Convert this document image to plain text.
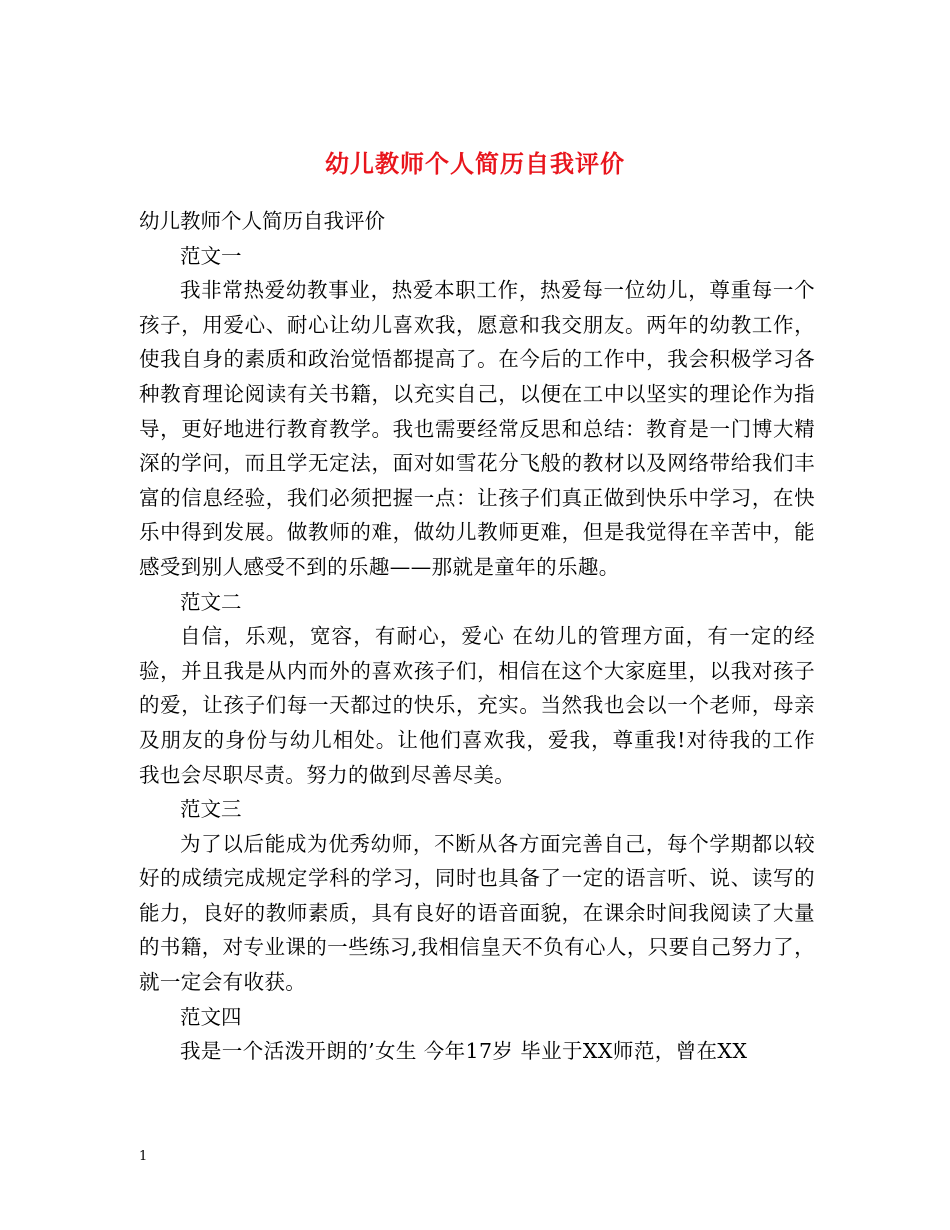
幼儿教师个人简历自我评价

幼儿教师个人简历自我评价

范文一

我非常热爱幼教事业，热爱本职工作，热爱每一位幼儿，尊重每一个孩子，用爱心、耐心让幼儿喜欢我，愿意和我交朋友。两年的幼教工作，使我自身的素质和政治觉悟都提高了。在今后的工作中，我会积极学习各种教育理论阅读有关书籍，以充实自己，以便在工中以坚实的理论作为指导，更好地进行教育教学。我也需要经常反思和总结：教育是一门博大精深的学问，而且学无定法，面对如雪花分飞般的教材以及网络带给我们丰富的信息经验，我们必须把握一点：让孩子们真正做到快乐中学习，在快乐中得到发展。做教师的难，做幼儿教师更难，但是我觉得在辛苦中，能感受到别人感受不到的乐趣——那就是童年的乐趣。

范文二

自信，乐观，宽容，有耐心，爱心 在幼儿的管理方面，有一定的经验，并且我是从内而外的喜欢孩子们，相信在这个大家庭里，以我对孩子的爱，让孩子们每一天都过的快乐，充实。当然我也会以一个老师，母亲及朋友的身份与幼儿相处。让他们喜欢我，爱我，尊重我!对待我的工作我也会尽职尽责。努力的做到尽善尽美。

范文三

为了以后能成为优秀幼师，不断从各方面完善自己，每个学期都以较好的成绩完成规定学科的学习，同时也具备了一定的语言听、说、读写的能力，良好的教师素质，具有良好的语音面貌，在课余时间我阅读了大量的书籍，对专业课的一些练习,我相信皇天不负有心人，只要自己努力了，就一定会有收获。

范文四

我是一个活泼开朗的’女生 今年17岁 毕业于XX师范，曾在XX

1
